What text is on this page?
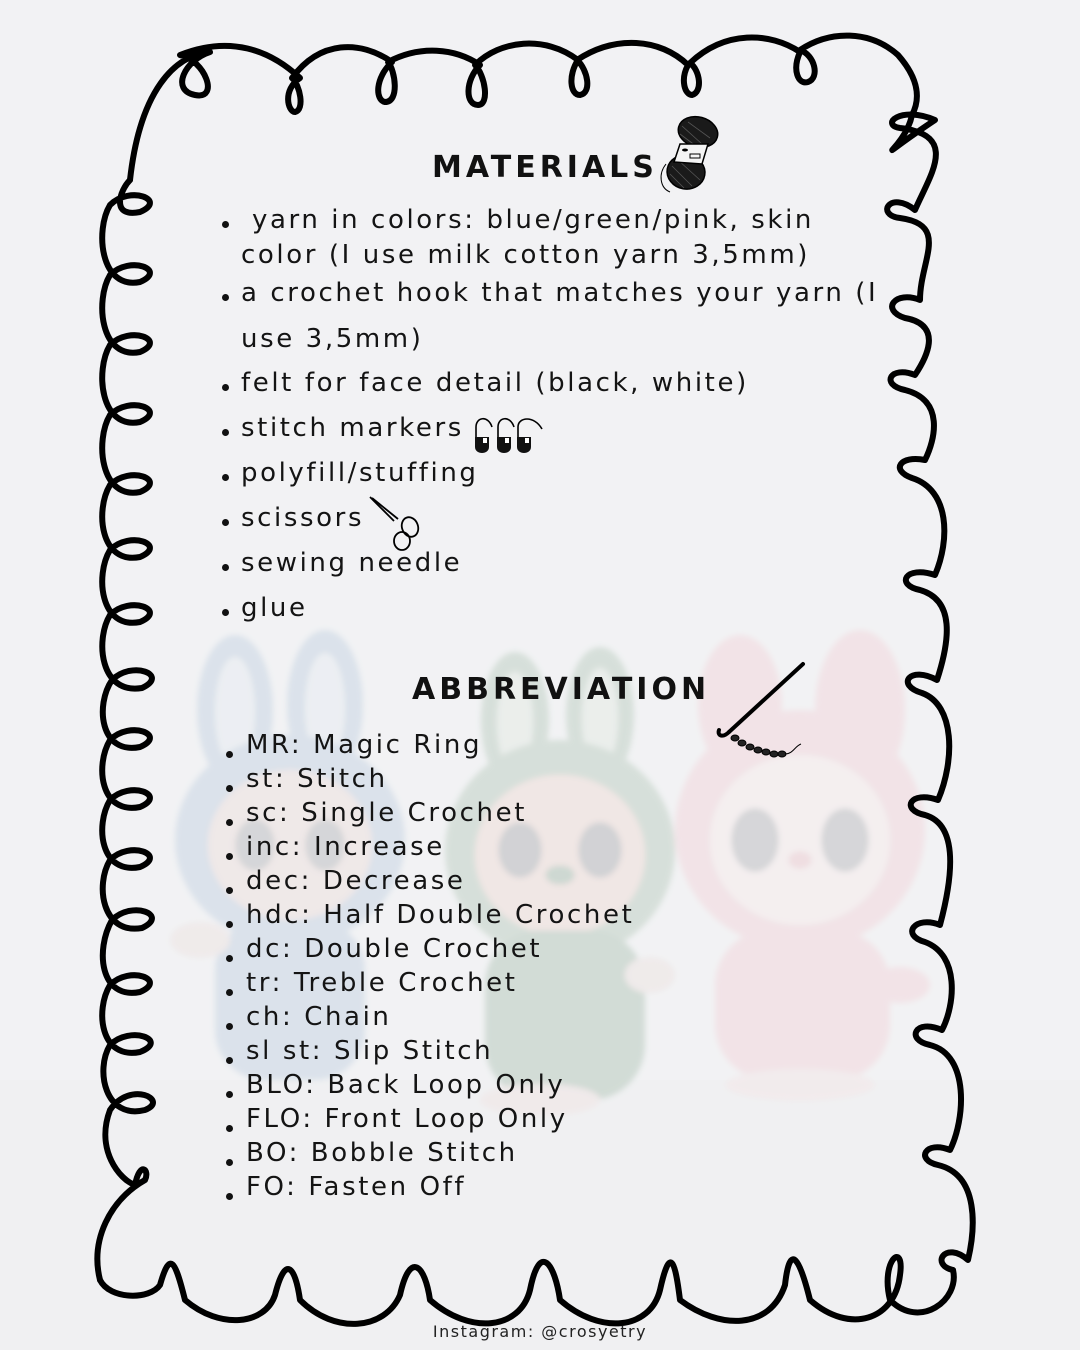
MATERIALS
yarn in colors: blue/green/pink, skin
color (I use milk cotton yarn 3,5mm)
a crochet hook that matches your yarn (I
use 3,5mm)
felt for face detail (black, white)
stitch markers
polyfill/stuffing
scissors
sewing needle
glue
ABBREVIATION
MR: Magic Ring
st: Stitch
sc: Single Crochet
inc: Increase
dec: Decrease
hdc: Half Double Crochet
dc: Double Crochet
tr: Treble Crochet
ch: Chain
sl st: Slip Stitch
BLO: Back Loop Only
FLO: Front Loop Only
BO: Bobble Stitch
FO: Fasten Off
Instagram: @crosyetry
